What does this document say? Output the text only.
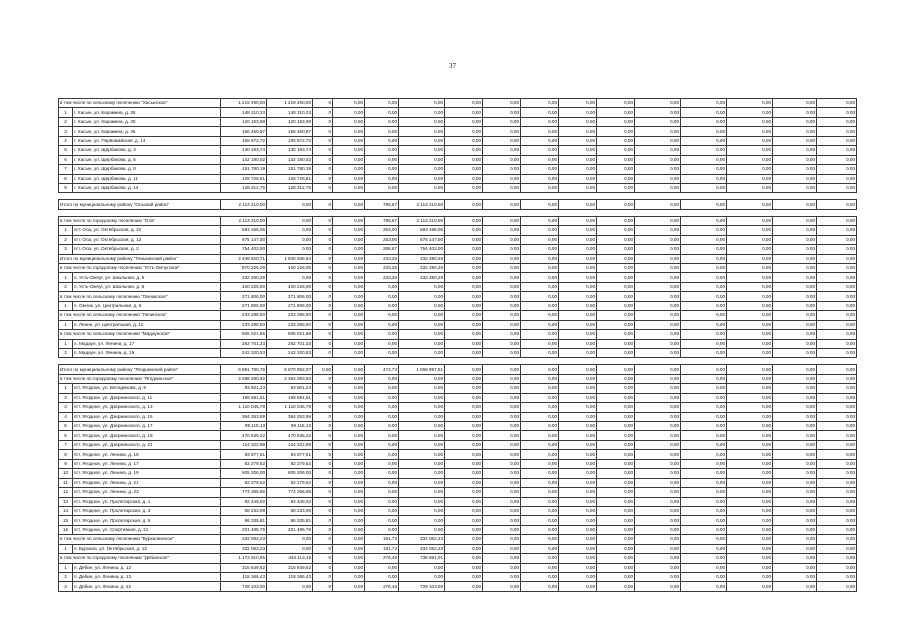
37
в том числе по сельскому поселению "Хасынское"		1 219 490,00	1 219 490,00	0	0,00	0,00	0,00	0,00	0,00	0,00	0,00	0,00	0,00	0,00	0,00	0,00	0,00
1	г. Хасын, ул. Карамина, д. 28	148 310,23	148 310,23	0	0,00	0,00	0,00	0,00	0,00	0,00	0,00	0,00	0,00	0,00	0,00	0,00	0,00
2	г. Хасын, ул. Карамина, д. 40	120 153,98	120 153,98	0	0,00	0,00	0,00	0,00	0,00	0,00	0,00	0,00	0,00	0,00	0,00	0,00	0,00
3	г. Хасын, ул. Карамина, д. 45	166 460,97	166 460,97	0	0,00	0,00	0,00	0,00	0,00	0,00	0,00	0,00	0,00	0,00	0,00	0,00	0,00
4	г. Хасын, ул. Первомайская, д. 14	106 672,72	106 672,72	0	0,00	0,00	0,00	0,00	0,00	0,00	0,00	0,00	0,00	0,00	0,00	0,00	0,00
5	г. Хасын, ул. Щербакова, д. 3	130 193,74	130 193,74	0	0,00	0,00	0,00	0,00	0,00	0,00	0,00	0,00	0,00	0,00	0,00	0,00	0,00
6	г. Хасын, ул. Щербакова, д. 5	142 190,02	142 190,02	0	0,00	0,00	0,00	0,00	0,00	0,00	0,00	0,00	0,00	0,00	0,00	0,00	0,00
7	г. Хасын, ул. Щербакова, д. 8	151 780,19	151 780,19	0	0,00	0,00	0,00	0,00	0,00	0,00	0,00	0,00	0,00	0,00	0,00	0,00	0,00
8	г. Хасын, ул. Щербакова, д. 11	125 726,81	125 726,81	0	0,00	0,00	0,00	0,00	0,00	0,00	0,00	0,00	0,00	0,00	0,00	0,00	0,00
9	г. Хасын, ул. Щербакова, д. 14	128 312,75	128 312,75	0	0,00	0,00	0,00	0,00	0,00	0,00	0,00	0,00	0,00	0,00	0,00	0,00	0,00

Итого по муниципальному району "Ольский район"		2 113 210,00	0,00	0	0,00	785,67	2 113 210,00	0,00	0,00	0,00	0,00	0,00	0,00	0,00	0,00	0,00	0,00

в том числе по городскому поселению "Ола"		2 113 210,00	0,00	0	0,00	785,67	2 113 210,00	0,00	0,00	0,00	0,00	0,00	0,00	0,00	0,00	0,00	0,00
1	пгт. Ола, ул. Октябрьская, д. 22	683 166,06	0,00	0	0,00	253,00	683 166,06	0,00	0,00	0,00	0,00	0,00	0,00	0,00	0,00	0,00	0,00
2	пгт. Ола, ул. Октябрьская, д. 12	675 147,00	0,00	0	0,00	253,00	675 147,00	0,00	0,00	0,00	0,00	0,00	0,00	0,00	0,00	0,00	0,00
3	пгт. Ола, ул. Октябрьская, д. 2	754 402,00	0,00	0	0,00	286,67	754 402,00	0,00	0,00	0,00	0,00	0,00	0,00	0,00	0,00	0,00	0,00
Итого по муниципальному району "Тенькинский район"		2 448 620,71	1 940 336,54	0	0,00	233,25	332 280,29	0,00	0,00	0,00	0,00	0,00	0,00	0,00	0,00	0,00	0,00
в том числе по городскому поселению "Усть-Омчугское"		870 226,29	420 226,00	0	0,00	233,25	332 280,29	0,00	0,00	0,00	0,00	0,00	0,00	0,00	0,00	0,00	0,00
1	п. Усть-Омчуг, ул. Школьная, д. 6	332 280,29	0,00	0	0,00	233,25	332 280,29	0,00	0,00	0,00	0,00	0,00	0,00	0,00	0,00	0,00	0,00
2	п. Усть-Омчуг, ул. Школьная, д. 8	420 226,00	420 226,00	0	0,00	0,00	0,00	0,00	0,00	0,00	0,00	0,00	0,00	0,00	0,00	0,00	0,00
в том числе по сельскому поселению "Омчакское"		271 806,00	271 806,00	0	0,00	0,00	0,00	0,00	0,00	0,00	0,00	0,00	0,00	0,00	0,00	0,00	0,00
1	п. Омчак, ул. Центральная, д. 5	271 806,00	271 806,00	0	0,00	0,00	0,00	0,00	0,00	0,00	0,00	0,00	0,00	0,00	0,00	0,00	0,00
в том числе по сельскому поселению "Ленинское"		233 288,50	233 288,50	0	0,00	0,00	0,00	0,00	0,00	0,00	0,00	0,00	0,00	0,00	0,00	0,00	0,00
1	п. Ленин, ул. Центральная, д. 12	233 288,50	233 288,50	0	0,00	0,00	0,00	0,00	0,00	0,00	0,00	0,00	0,00	0,00	0,00	0,00	0,00
в том числе по сельскому поселению "Мадаунское"		505 021,86	505 021,86	0	0,00	0,00	0,00	0,00	0,00	0,00	0,00	0,00	0,00	0,00	0,00	0,00	0,00
1	п. Мадаун, ул. Ленина, д. 17	262 701,33	262 701,33	0	0,00	0,00	0,00	0,00	0,00	0,00	0,00	0,00	0,00	0,00	0,00	0,00	0,00
2	п. Мадаун, ул. Ленина, д. 19	242 320,53	242 320,53	0	0,00	0,00	0,00	0,00	0,00	0,00	0,00	0,00	0,00	0,00	0,00	0,00	0,00

Итого по муниципальному району "Ягоднинский район"		6 891 790,76	5 870 892,07	0,00	0,00	472,73	1 068 897,91	0,00	0,00	0,00	0,00	0,00	0,00	0,00	0,00	0,00	0,00
в том числе по городскому поселению "Ягоднинское"		2 288 290,92	2 354 293,92	0	0,00	0,00	0,00	0,00	0,00	0,00	0,00	0,00	0,00	0,00	0,00	0,00	0,00
1	пгт. Ягодное, ул. Бесединова, д. 9	93 501,23	93 501,23	0	0,00	0,00	0,00	0,00	0,00	0,00	0,00	0,00	0,00	0,00	0,00	0,00	0,00
2	пгт. Ягодное, ул. Дзержинского, д. 11	199 591,51	199 591,51	0	0,00	0,00	0,00	0,00	0,00	0,00	0,00	0,00	0,00	0,00	0,00	0,00	0,00
3	пгт. Ягодное, ул. Дзержинского, д. 13	1 110 045,78	1 110 045,78	0	0,00	0,00	0,00	0,00	0,00	0,00	0,00	0,00	0,00	0,00	0,00	0,00	0,00
4	пгт. Ягодное, ул. Дзержинского, д. 15	364 253,99	364 253,99	0	0,00	0,00	0,00	0,00	0,00	0,00	0,00	0,00	0,00	0,00	0,00	0,00	0,00
5	пгт. Ягодное, ул. Дзержинского, д. 17	99 115,13	99 115,13	0	0,00	0,00	0,00	0,00	0,00	0,00	0,00	0,00	0,00	0,00	0,00	0,00	0,00
6	пгт. Ягодное, ул. Дзержинского, д. 19	470 536,22	470 536,22	0	0,00	0,00	0,00	0,00	0,00	0,00	0,00	0,00	0,00	0,00	0,00	0,00	0,00
7	пгт. Ягодное, ул. Дзержинского, д. 21	124 322,98	124 322,98	0	0,00	0,00	0,00	0,00	0,00	0,00	0,00	0,00	0,00	0,00	0,00	0,00	0,00
8	пгт. Ягодное, ул. Ленина, д. 15	93 977,61	93 977,61	0	0,00	0,00	0,00	0,00	0,00	0,00	0,00	0,00	0,00	0,00	0,00	0,00	0,00
9	пгт. Ягодное, ул. Ленина, д. 17	82 279,52	82 279,52	0	0,00	0,00	0,00	0,00	0,00	0,00	0,00	0,00	0,00	0,00	0,00	0,00	0,00
10	пгт. Ягодное, ул. Ленина, д. 19	605 206,00	605 206,00	0	0,00	0,00	0,00	0,00	0,00	0,00	0,00	0,00	0,00	0,00	0,00	0,00	0,00
11	пгт. Ягодное, ул. Ленина, д. 21	82 279,52	82 279,52	0	0,00	0,00	0,00	0,00	0,00	0,00	0,00	0,00	0,00	0,00	0,00	0,00	0,00
12	пгт. Ягодное, ул. Ленина, д. 23	774 266,66	774 266,66	0	0,00	0,00	0,00	0,00	0,00	0,00	0,00	0,00	0,00	0,00	0,00	0,00	0,00
13	пгт. Ягодное, ул. Пролетарская, д. 1	92 449,02	92 449,02	0	0,00	0,00	0,00	0,00	0,00	0,00	0,00	0,00	0,00	0,00	0,00	0,00	0,00
14	пгт. Ягодное, ул. Пролетарская, д. 3	58 233,08	58 233,08	0	0,00	0,00	0,00	0,00	0,00	0,00	0,00	0,00	0,00	0,00	0,00	0,00	0,00
15	пгт. Ягодное, ул. Пролетарская, д. 5	86 335,81	86 335,81	0	0,00	0,00	0,00	0,00	0,00	0,00	0,00	0,00	0,00	0,00	0,00	0,00	0,00
16	пгт. Ягодное, ул. Спортивная, д. 21	201 495,76	201 495,76	0	0,00	0,00	0,00	0,00	0,00	0,00	0,00	0,00	0,00	0,00	0,00	0,00	0,00
в том числе по сельскому поселению "Бурхалинское"		332 062,23	0,00	0	0,00	161,73	332 062,23	0,00	0,00	0,00	0,00	0,00	0,00	0,00	0,00	0,00	0,00
1	п. Бурхала, ул. Октябрьская, д. 12	332 062,23	0,00	0	0,00	161,73	332 062,23	0,00	0,00	0,00	0,00	0,00	0,00	0,00	0,00	0,00	0,00
в том числе по городскому поселению "Дебинское"		1 172 910,85	434 113,15	0	0,00	276,46	738 891,01	0,00	0,00	0,00	0,00	0,00	0,00	0,00	0,00	0,00	0,00
1	п. Дебин, ул. Ленина, д. 12	315 649,62	315 649,62	0	0,00	0,00	0,00	0,00	0,00	0,00	0,00	0,00	0,00	0,00	0,00	0,00	0,00
2	п. Дебин, ул. Ленина, д. 13	118 166,43	118 166,43	0	0,00	0,00	0,00	0,00	0,00	0,00	0,00	0,00	0,00	0,00	0,00	0,00	0,00
3	п. Дебин, ул. Ленина, д. 22	729 103,00	0,00	0	0,00	276,46	729 103,00	0,00	0,00	0,00	0,00	0,00	0,00	0,00	0,00	0,00	0,00
